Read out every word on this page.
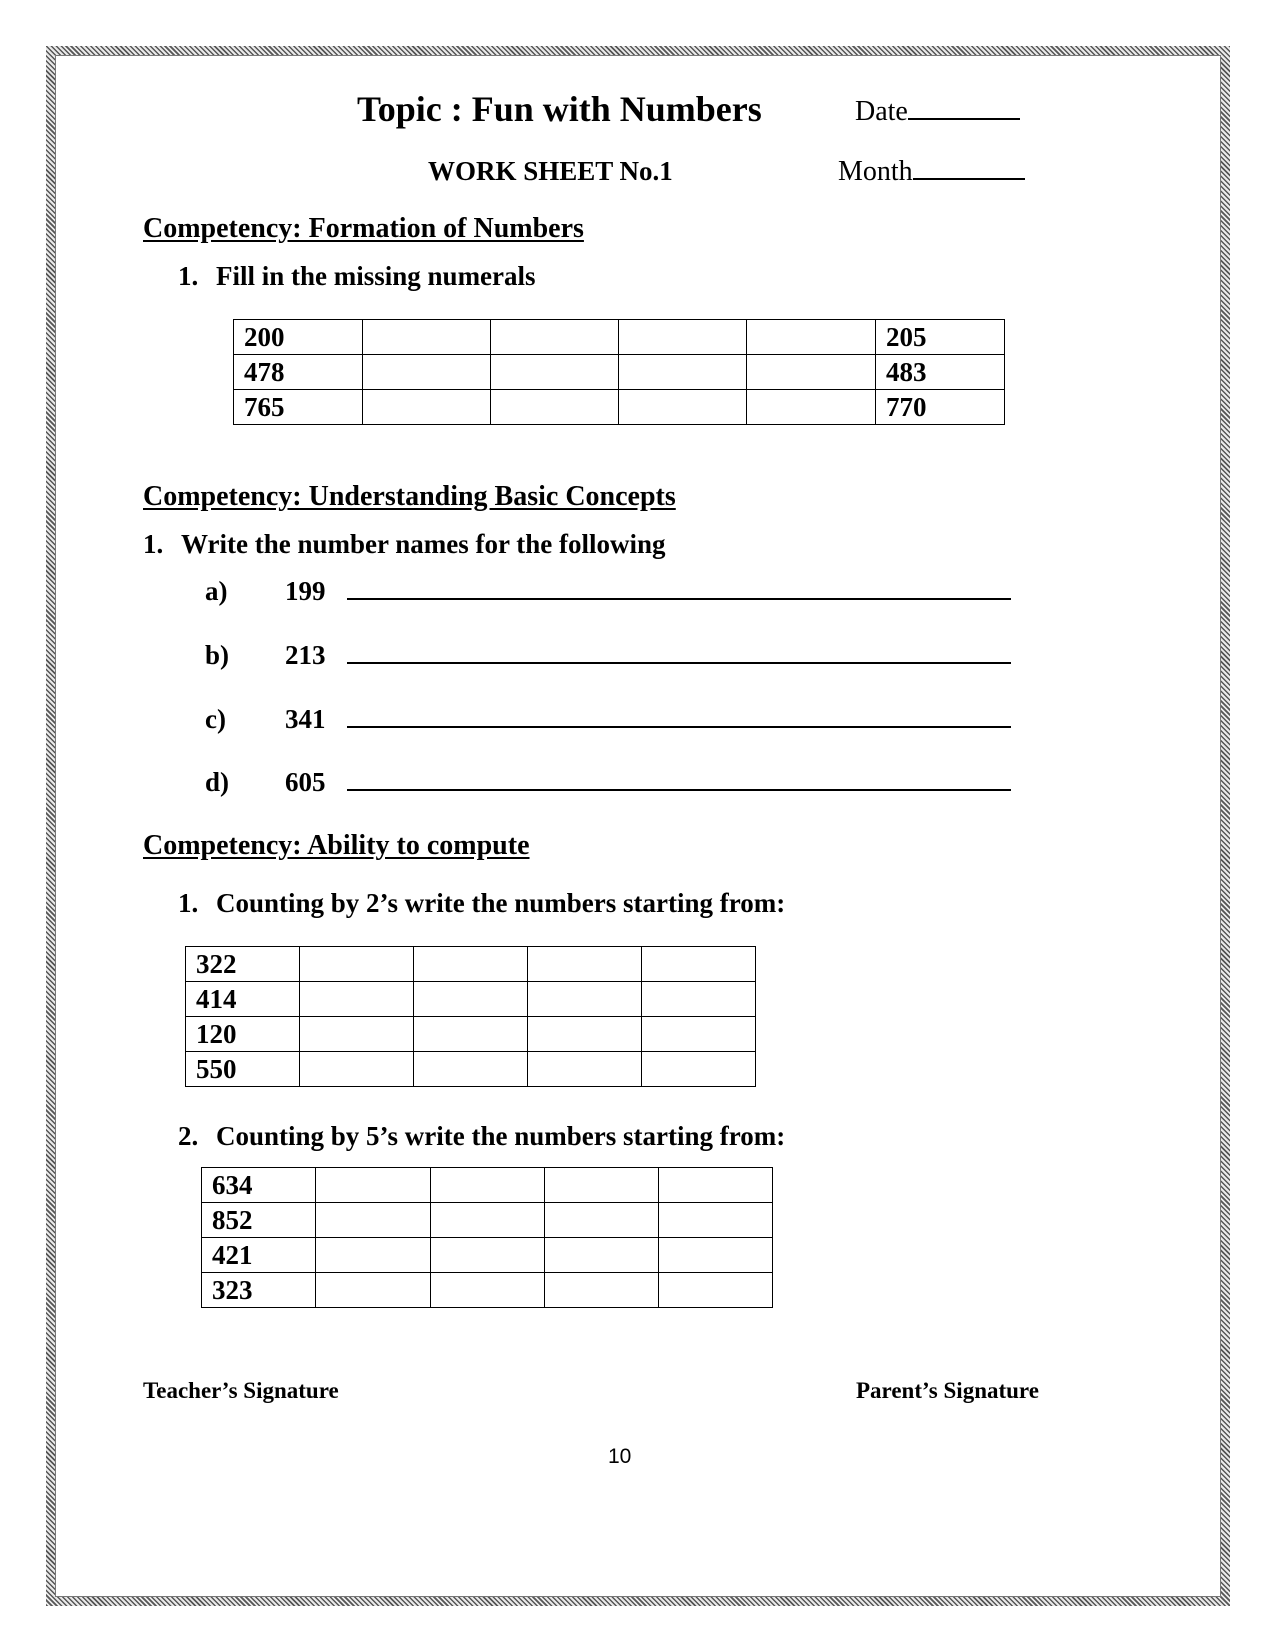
Topic : Fun with Numbers	Date
WORK SHEET No.1	Month
Competency: Formation of Numbers
1. Fill in the missing numerals
200					205
478					483
765					770
Competency: Understanding Basic Concepts
1. Write the number names for the following
a) 199
b) 213
c) 341
d) 605
Competency: Ability to compute
1. Counting by 2’s write the numbers starting from:
322				
414				
120				
550				
2. Counting by 5’s write the numbers starting from:
634				
852				
421				
323				
Teacher’s Signature	Parent’s Signature
10
